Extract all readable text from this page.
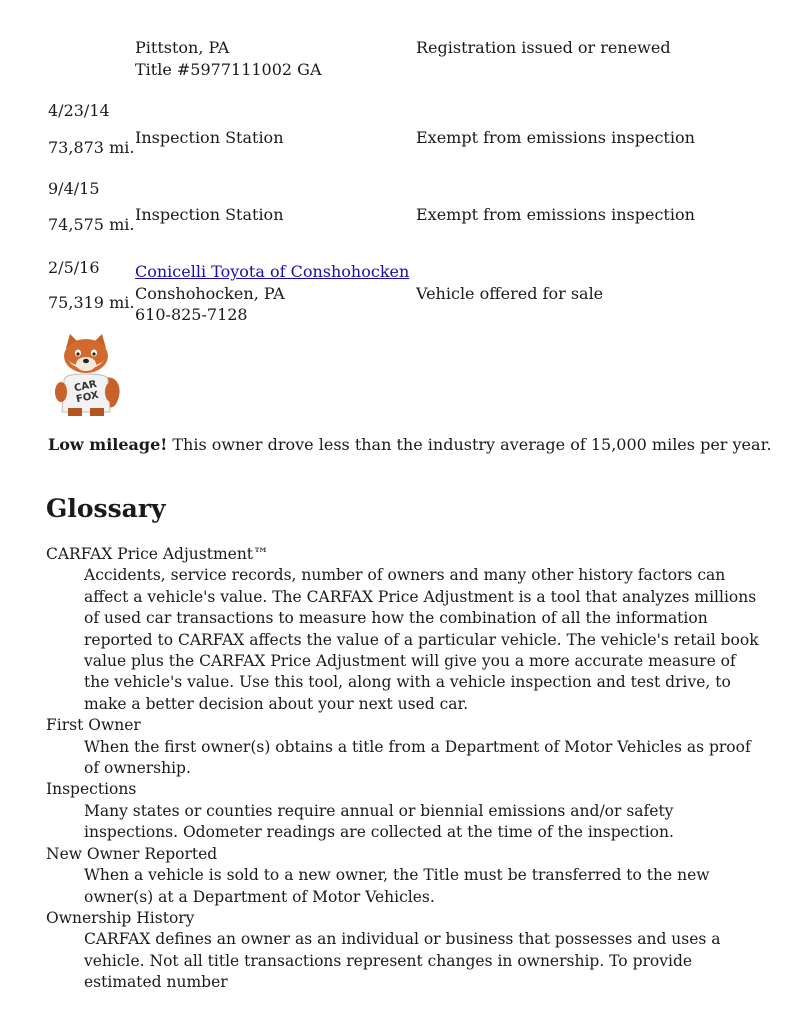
Pittston, PA
Title #5977111002 GA
Registration issued or renewed
4/23/14
73,873 mi.
Inspection Station	Exempt from emissions inspection
9/4/15
74,575 mi.
Inspection Station	Exempt from emissions inspection
2/5/16
75,319 mi.
Conicelli Toyota of Conshohocken
Conshohocken, PA
610-825-7128
Vehicle offered for sale
CAR
FOX
Low mileage! This owner drove less than the industry average of 15,000 miles per year.
Glossary

CARFAX Price Adjustment™

Accidents, service records, number of owners and many other history factors can affect a vehicle's value. The CARFAX Price Adjustment is a tool that analyzes millions of used car transactions to measure how the combination of all the information reported to CARFAX affects the value of a particular vehicle. The vehicle's retail book value plus the CARFAX Price Adjustment will give you a more accurate measure of the vehicle's value. Use this tool, along with a vehicle inspection and test drive, to make a better decision about your next used car.

First Owner

When the first owner(s) obtains a title from a Department of Motor Vehicles as proof of ownership.

Inspections

Many states or counties require annual or biennial emissions and/or safety inspections. Odometer readings are collected at the time of the inspection.

New Owner Reported

When a vehicle is sold to a new owner, the Title must be transferred to the new owner(s) at a Department of Motor Vehicles.

Ownership History

CARFAX defines an owner as an individual or business that possesses and uses a vehicle. Not all title transactions represent changes in ownership. To provide estimated number
